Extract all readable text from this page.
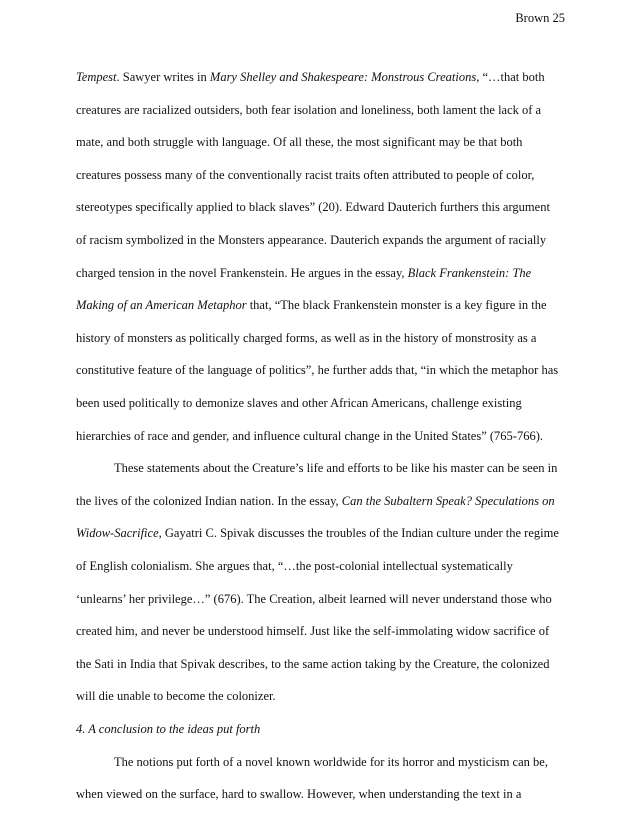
Brown 25
Tempest. Sawyer writes in Mary Shelley and Shakespeare: Monstrous Creations, “…that both
creatures are racialized outsiders, both fear isolation and loneliness, both lament the lack of a
mate, and both struggle with language. Of all these, the most significant may be that both
creatures possess many of the conventionally racist traits often attributed to people of color,
stereotypes specifically applied to black slaves” (20). Edward Dauterich furthers this argument
of racism symbolized in the Monsters appearance. Dauterich expands the argument of racially
charged tension in the novel Frankenstein. He argues in the essay, Black Frankenstein: The
Making of an American Metaphor that, “The black Frankenstein monster is a key figure in the
history of monsters as politically charged forms, as well as in the history of monstrosity as a
constitutive feature of the language of politics”, he further adds that, “in which the metaphor has
been used politically to demonize slaves and other African Americans, challenge existing
hierarchies of race and gender, and influence cultural change in the United States” (765-766).
These statements about the Creature’s life and efforts to be like his master can be seen in
the lives of the colonized Indian nation. In the essay, Can the Subaltern Speak? Speculations on
Widow-Sacrifice, Gayatri C. Spivak discusses the troubles of the Indian culture under the regime
of English colonialism. She argues that, “…the post-colonial intellectual systematically
‘unlearns’ her privilege…” (676). The Creation, albeit learned will never understand those who
created him, and never be understood himself. Just like the self-immolating widow sacrifice of
the Sati in India that Spivak describes, to the same action taking by the Creature, the colonized
will die unable to become the colonizer.
4. A conclusion to the ideas put forth
The notions put forth of a novel known worldwide for its horror and mysticism can be,
when viewed on the surface, hard to swallow. However, when understanding the text in a
